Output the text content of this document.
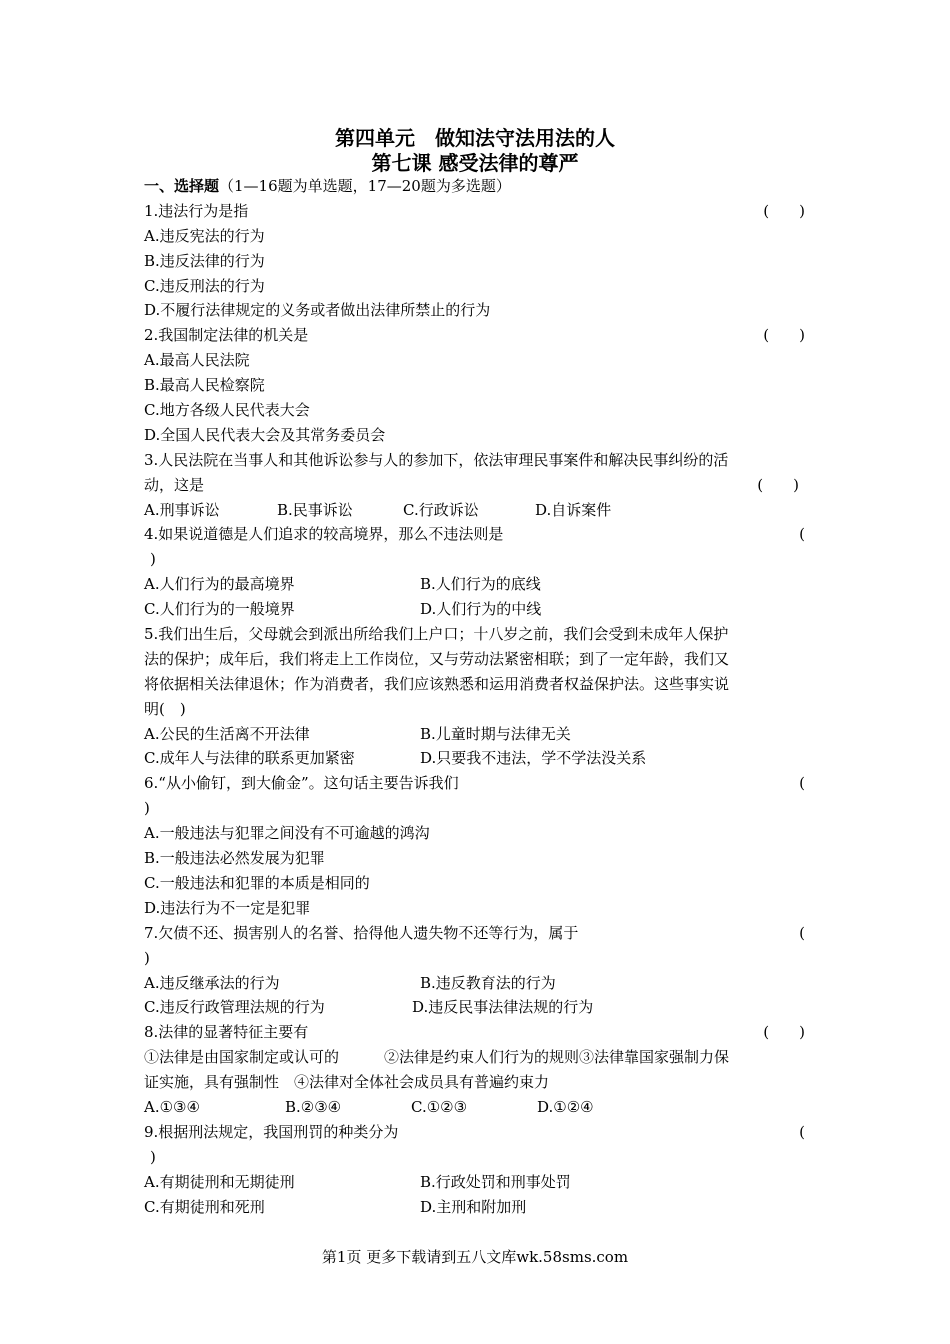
第四单元　做知法守法用法的人
第七课 感受法律的尊严
一、选择题（1—16题为单选题，17—20题为多选题）
1.违法行为是指	(　　)
A.违反宪法的行为
B.违反法律的行为
C.违反刑法的行为
D.不履行法律规定的义务或者做出法律所禁止的行为
2.我国制定法律的机关是	(　　)
A.最高人民法院
B.最高人民检察院
C.地方各级人民代表大会
D.全国人民代表大会及其常务委员会
3.人民法院在当事人和其他诉讼参与人的参加下，依法审理民事案件和解决民事纠纷的活
动，这是	(　　)
A.刑事诉讼	B.民事诉讼	C.行政诉讼	D.自诉案件
4.如果说道德是人们追求的较高境界，那么不违法则是	(
)
A.人们行为的最高境界	B.人们行为的底线
C.人们行为的一般境界	D.人们行为的中线
5.我们出生后，父母就会到派出所给我们上户口；十八岁之前，我们会受到未成年人保护
法的保护；成年后，我们将走上工作岗位，又与劳动法紧密相联；到了一定年龄，我们又
将依据相关法律退休；作为消费者，我们应该熟悉和运用消费者权益保护法。这些事实说
明(　)
A.公民的生活离不开法律	B.儿童时期与法律无关
C.成年人与法律的联系更加紧密	D.只要我不违法，学不学法没关系
6.“从小偷钉，到大偷金”。这句话主要告诉我们	(
)
A.一般违法与犯罪之间没有不可逾越的鸿沟
B.一般违法必然发展为犯罪
C.一般违法和犯罪的本质是相同的
D.违法行为不一定是犯罪
7.欠债不还、损害别人的名誉、拾得他人遗失物不还等行为，属于	(
)
A.违反继承法的行为	B.违反教育法的行为
C.违反行政管理法规的行为	D.违反民事法律法规的行为
8.法律的显著特征主要有	(　　)
①法律是由国家制定或认可的　　　②法律是约束人们行为的规则③法律靠国家强制力保
证实施，具有强制性　④法律对全体社会成员具有普遍约束力
A.①③④	B.②③④	C.①②③	D.①②④
9.根据刑法规定，我国刑罚的种类分为	(
)
A.有期徒刑和无期徒刑	B.行政处罚和刑事处罚
C.有期徒刑和死刑	D.主刑和附加刑
第1页 更多下载请到五八文库wk.58sms.com
